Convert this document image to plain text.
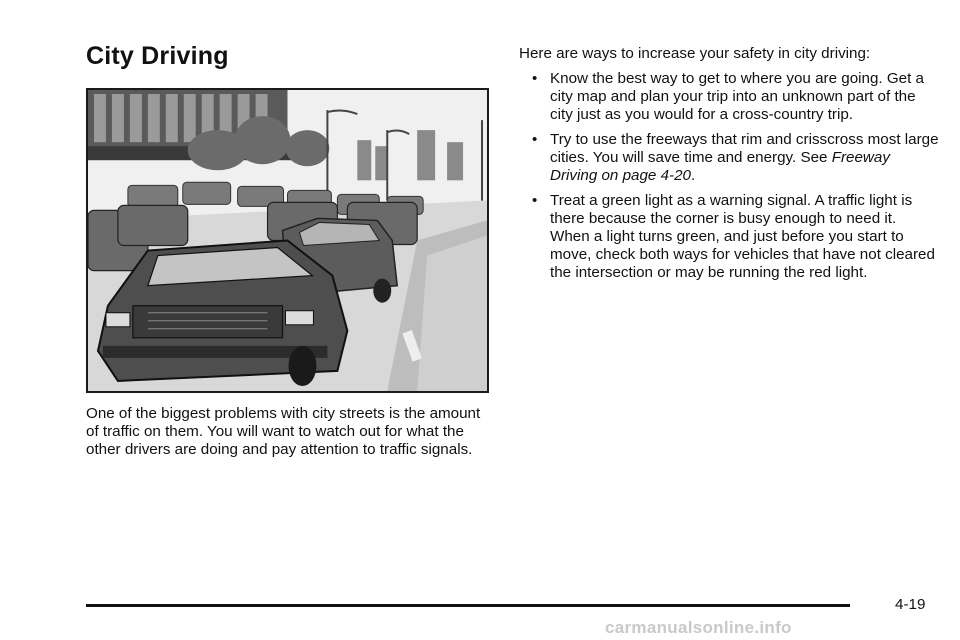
City Driving

One of the biggest problems with city streets is the amount of traffic on them. You will want to watch out for what the other drivers are doing and pay attention to traffic signals.

Here are ways to increase your safety in city driving:

• Know the best way to get to where you are going. Get a city map and plan your trip into an unknown part of the city just as you would for a cross-country trip.
• Try to use the freeways that rim and crisscross most large cities. You will save time and energy. See Freeway Driving on page 4-20.
• Treat a green light as a warning signal. A traffic light is there because the corner is busy enough to need it. When a light turns green, and just before you start to move, check both ways for vehicles that have not cleared the intersection or may be running the red light.
4-19
carmanualsonline.info
